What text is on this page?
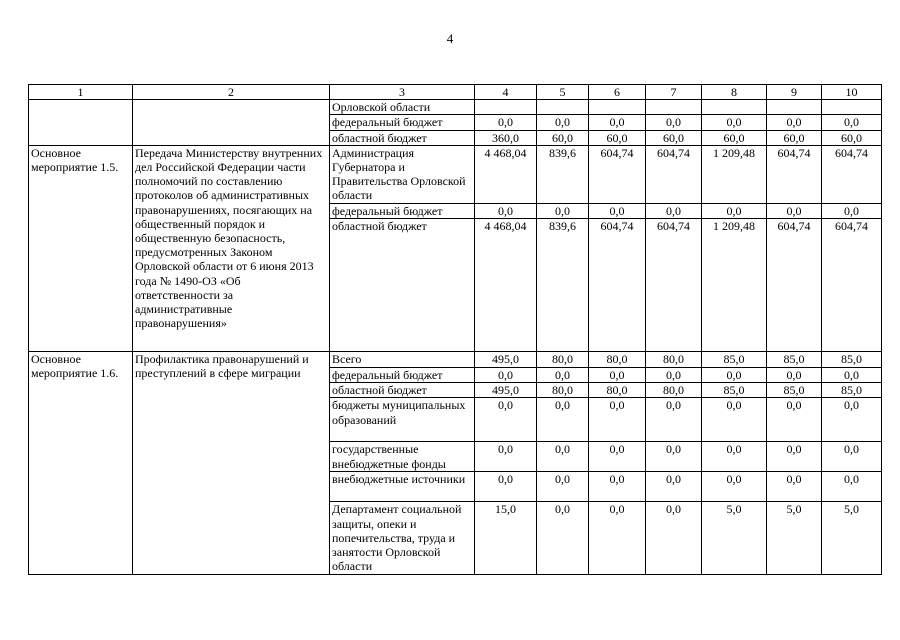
4
1	2	3	4	5	6	7	8	9	10
		Орловской области							
		федеральный бюджет	0,0	0,0	0,0	0,0	0,0	0,0	0,0
		областной бюджет	360,0	60,0	60,0	60,0	60,0	60,0	60,0
Основное мероприятие 1.5.	Передача Министерству внутренних дел Российской Федерации части полномочий по составлению протоколов об административных правонарушениях, посягающих на общественный порядок и общественную безопасность, предусмотренных Законом Орловской области от 6 июня 2013 года № 1490-ОЗ «Об ответственности за административные правонарушения»	Администрация Губернатора и Правительства Орловской области	4 468,04	839,6	604,74	604,74	1 209,48	604,74	604,74
		федеральный бюджет	0,0	0,0	0,0	0,0	0,0	0,0	0,0
		областной бюджет	4 468,04	839,6	604,74	604,74	1 209,48	604,74	604,74
Основное мероприятие 1.6.	Профилактика правонарушений и преступлений в сфере миграции	Всего	495,0	80,0	80,0	80,0	85,0	85,0	85,0
		федеральный бюджет	0,0	0,0	0,0	0,0	0,0	0,0	0,0
		областной бюджет	495,0	80,0	80,0	80,0	85,0	85,0	85,0
		бюджеты муниципальных образований	0,0	0,0	0,0	0,0	0,0	0,0	0,0
		государственные внебюджетные фонды	0,0	0,0	0,0	0,0	0,0	0,0	0,0
		внебюджетные источники	0,0	0,0	0,0	0,0	0,0	0,0	0,0
		Департамент социальной защиты, опеки и попечительства, труда и занятости Орловской области	15,0	0,0	0,0	0,0	5,0	5,0	5,0
